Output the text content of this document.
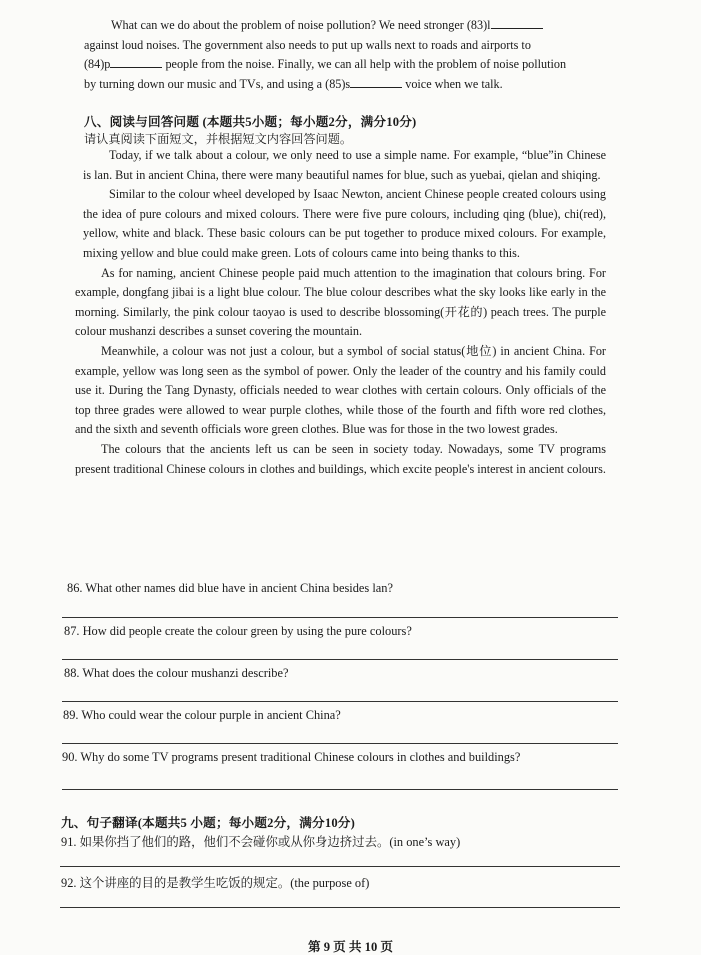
What can we do about the problem of noise pollution? We need stronger (83)l
against loud noises. The government also needs to put up walls next to roads and airports to
(84)p	people from the noise. Finally, we can all help with the problem of noise pollution
by turning down our music and TVs, and using a (85)s	voice when we talk.
八、阅读与回答问题 (本题共5小题；每小题2分，满分10分)
请认真阅读下面短文，并根据短文内容回答问题。

Today, if we talk about a colour, we only need to use a simple name. For example, “blue”in Chinese is lan. But in ancient China, there were many beautiful names for blue, such as yuebai, qielan and shiqing.

Similar to the colour wheel developed by Isaac Newton, ancient Chinese people created colours using the idea of pure colours and mixed colours. There were five pure colours, including qing (blue), chi(red), yellow, white and black. These basic colours can be put together to produce mixed colours. For example, mixing yellow and blue could make green. Lots of colours came into being thanks to this.

As for naming, ancient Chinese people paid much attention to the imagination that colours bring. For example, dongfang jibai is a light blue colour. The blue colour describes what the sky looks like early in the morning. Similarly, the pink colour taoyao is used to describe blossoming(开花的) peach trees. The purple colour mushanzi describes a sunset covering the mountain.

Meanwhile, a colour was not just a colour, but a symbol of social status(地位) in ancient China. For example, yellow was long seen as the symbol of power. Only the leader of the country and his family could use it. During the Tang Dynasty, officials needed to wear clothes with certain colours. Only officials of the top three grades were allowed to wear purple clothes, while those of the fourth and fifth wore red clothes, and the sixth and seventh officials wore green clothes. Blue was for those in the two lowest grades.

The colours that the ancients left us can be seen in society today. Nowadays, some TV programs present traditional Chinese colours in clothes and buildings, which excite people's interest in ancient colours.

86. What other names did blue have in ancient China besides lan?
87. How did people create the colour green by using the pure colours?
88. What does the colour mushanzi describe?
89. Who could wear the colour purple in ancient China?
90. Why do some TV programs present traditional Chinese colours in clothes and buildings?
九、句子翻译(本题共5 小题；每小题2分，满分10分)
91. 如果你挡了他们的路，他们不会碰你或从你身边挤过去。(in one’s way)
92. 这个讲座的目的是教学生吃饭的规定。(the purpose of)
第 9 页 共 10 页
